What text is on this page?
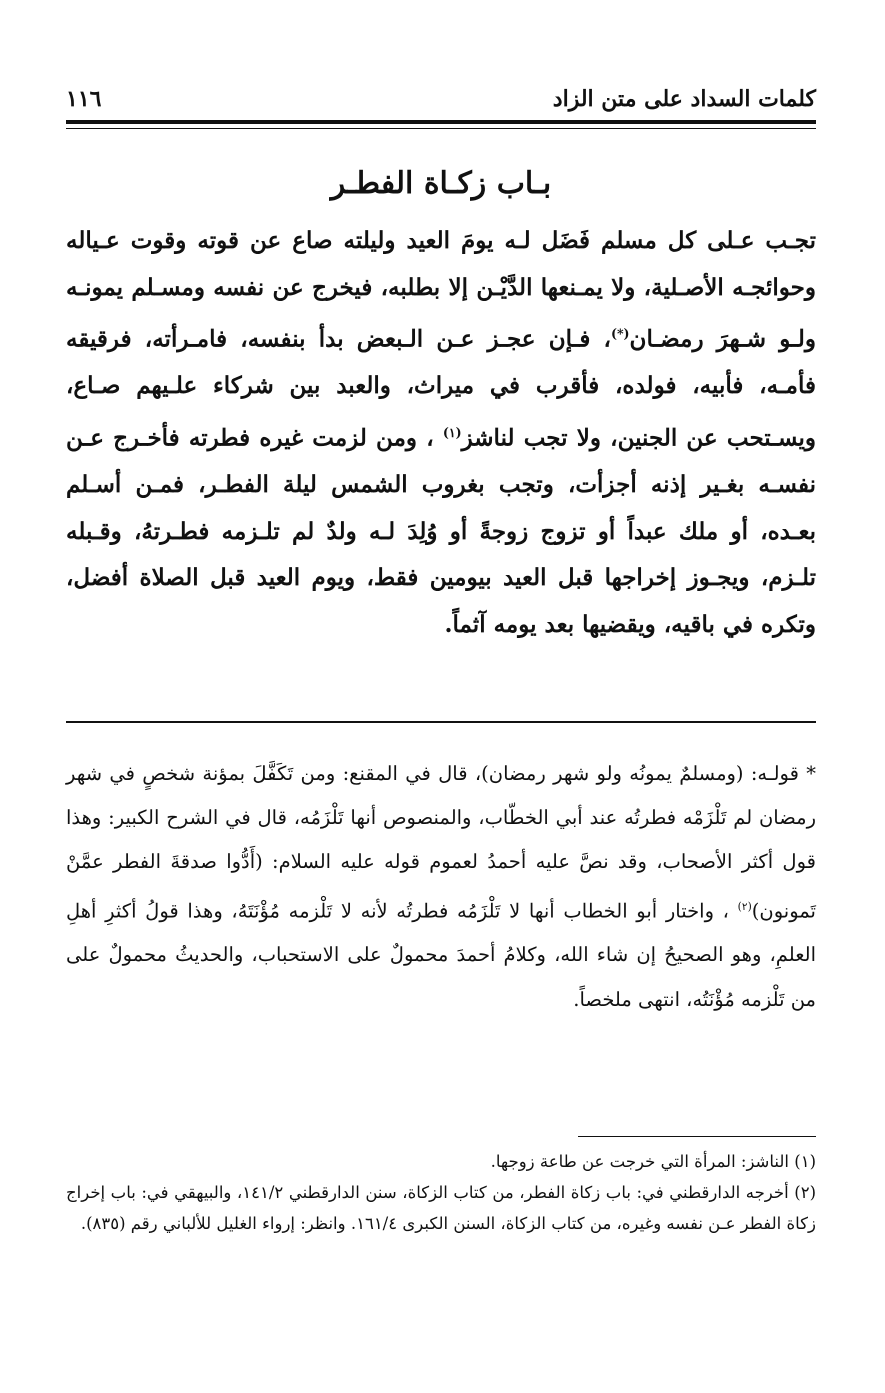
كلمات السداد على متن الزاد
١١٦
بـاب زكـاة الفطـر
تجـب عـلى كل مسلم فَضَل لـه يومَ العيد وليلته صاع عن قوته وقوت عـياله وحوائجـه الأصـلية، ولا يمـنعها الدَّيْـن إلا بطلبه، فيخرج عن نفسه ومسـلم يمونـه ولـو شـهرَ رمضـان(*)، فـإن عجـز عـن الـبعض بدأ بنفسه، فامـرأته، فرقيقه فأمـه، فأبيه، فولده، فأقرب في ميراث، والعبد بين شركاء علـيهم صـاع، ويسـتحب عن الجنين، ولا تجب لناشز$^{(١)}$ ، ومن لزمت غيره فطرته فأخـرج عـن نفسـه بغـير إذنه أجزأت، وتجب بغروب الشمس ليلة الفطـر، فمـن أسـلم بعـده، أو ملك عبداً أو تزوج زوجةً أو وُلِدَ لـه ولدٌ لم تلـزمه فطـرتهُ، وقـبله تلـزم، ويجـوز إخراجها قبل العيد بيومين فقط، ويوم العيد قبل الصلاة أفضل، وتكره في باقيه، ويقضيها بعد يومه آثماً.
* قولـه: (ومسلمٌ يمونُه ولو شهر رمضان)، قال في المقنع: ومن تَكَفَّلَ بمؤنة شخصٍ في شهر رمضان لم تَلْزَمْه فطرتُه عند أبي الخطّاب، والمنصوص أنها تَلْزَمُه، قال في الشرح الكبير: وهذا قول أكثر الأصحاب، وقد نصَّ عليه أحمدُ لعموم قوله عليه السلام: (أَدُّوا صدقةَ الفطر عمَّنْ تَمونون)$^{(٢)}$ ، واختار أبو الخطاب أنها لا تَلْزَمُه فطرتُه لأنه لا تَلْزمه مُؤْنَتَهُ، وهذا قولُ أكثرِ أهلِ العلمِ، وهو الصحيحُ إن شاء الله، وكلامُ أحمدَ محمولٌ على الاستحباب، والحديثُ محمولٌ على من تَلْزمه مُؤْنَتُه، انتهى ملخصاً.

(١) الناشز: المرأة التي خرجت عن طاعة زوجها.

(٢) أخرجه الدارقطني في: باب زكاة الفطر، من كتاب الزكاة، سنن الدارقطني ١٤١/٢، والبيهقي في: باب إخراج زكاة الفطر عـن نفسه وغيره، من كتاب الزكاة، السنن الكبرى ١٦١/٤. وانظر: إرواء الغليل للألباني رقم (٨٣٥).
